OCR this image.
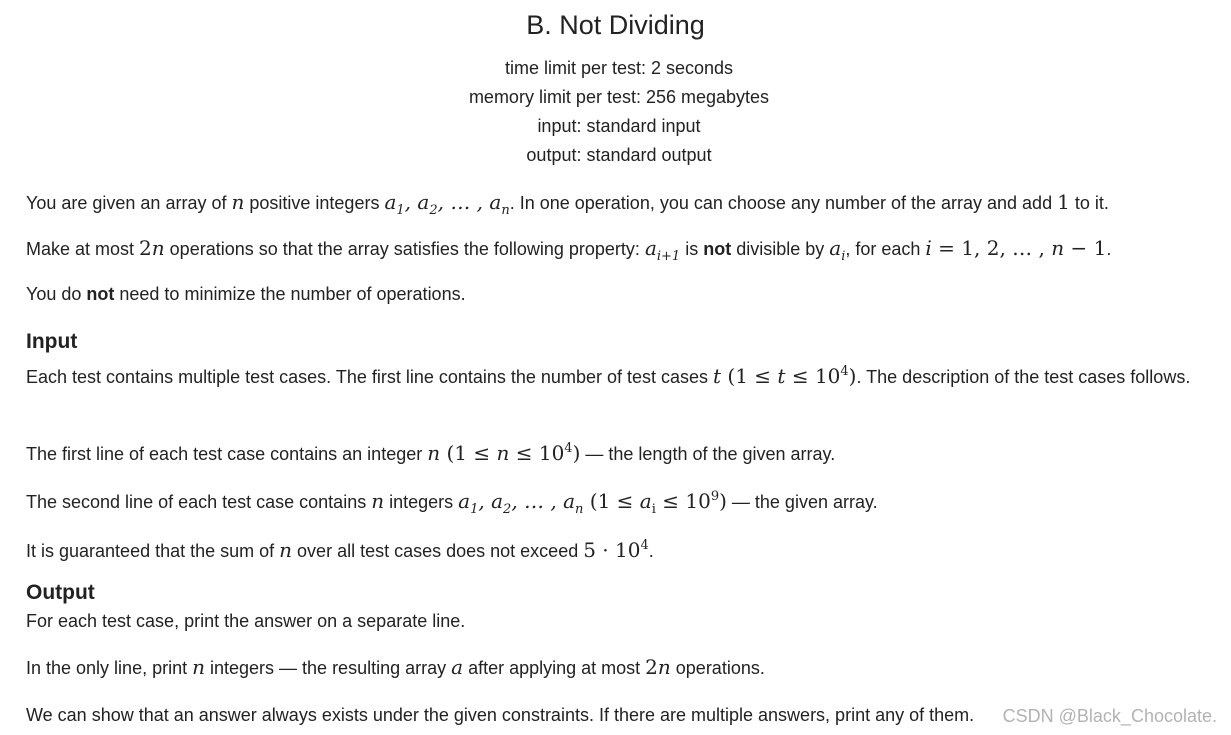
B. Not Dividing
time limit per test: 2 seconds
memory limit per test: 256 megabytes
input: standard input
output: standard output
You are given an array of n positive integers $a_1$, $a_2$, … , $a_n$. In one operation, you can choose any number of the array and add 1 to it.
Make at most 2n operations so that the array satisfies the following property: $a_{i+1}$ is not divisible by $a_i$, for each i = 1, 2, … , n − 1.
You do not need to minimize the number of operations.
Input
Each test contains multiple test cases. The first line contains the number of test cases t $(1 \le t \le 10^4)$. The description of the test cases follows.
The first line of each test case contains an integer n $(1 \le n \le 10^4)$ — the length of the given array.
The second line of each test case contains n integers $a_1$, $a_2$, … , $a_n$ $(1 \le a_i \le 10^9)$ — the given array.
It is guaranteed that the sum of n over all test cases does not exceed $5 \cdot 10^4$.
Output
For each test case, print the answer on a separate line.
In the only line, print n integers — the resulting array a after applying at most 2n operations.
We can show that an answer always exists under the given constraints. If there are multiple answers, print any of them.	CSDN @Black_Chocolate.
